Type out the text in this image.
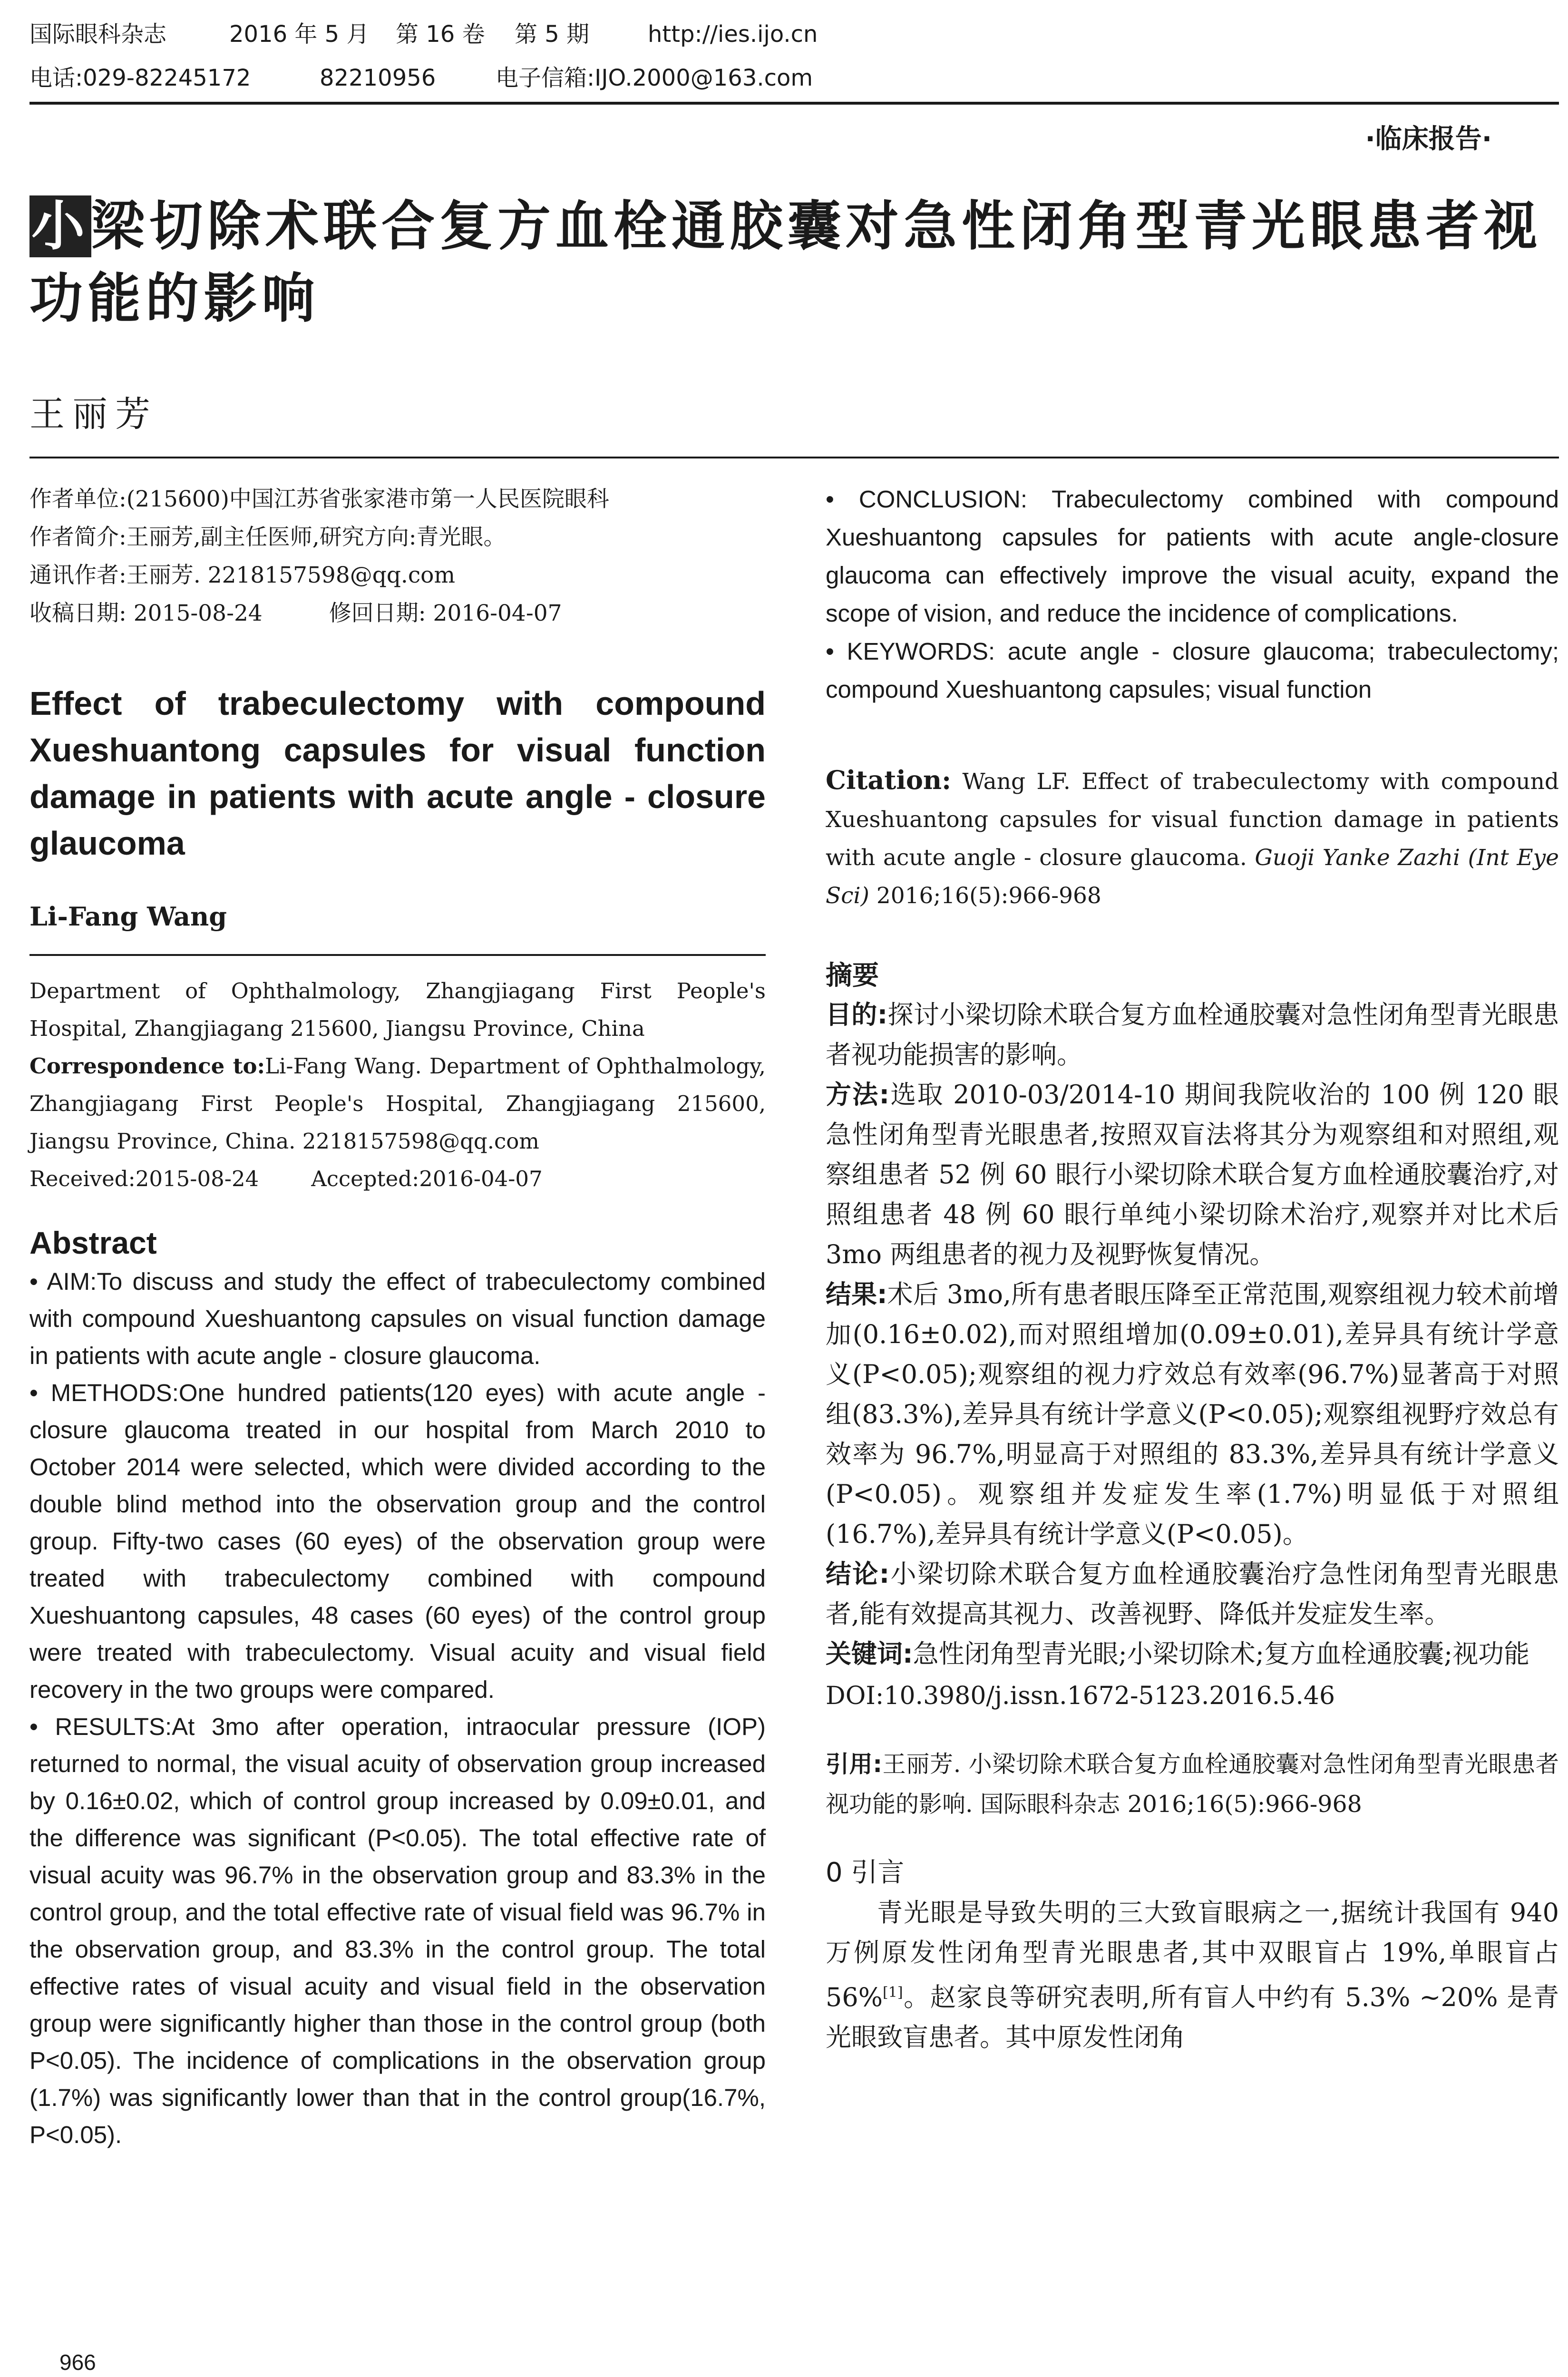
国际眼科杂志	2016 年 5 月 第 16 卷 第 5 期	http://ies.ijo.cn
电话:029-82245172	82210956	电子信箱:IJO.2000@163.com
·临床报告·
小梁切除术联合复方血栓通胶囊对急性闭角型青光眼患者视功能的影响
王丽芳
作者单位:(215600)中国江苏省张家港市第一人民医院眼科
作者简介:王丽芳,副主任医师,研究方向:青光眼。
通讯作者:王丽芳. 2218157598@qq.com
收稿日期: 2015-08-24	修回日期: 2016-04-07
Effect of trabeculectomy with compound Xueshuantong capsules for visual function damage in patients with acute angle - closure glaucoma
Li-Fang Wang
Department of Ophthalmology, Zhangjiagang First People's Hospital, Zhangjiagang 215600, Jiangsu Province, China
Correspondence to:Li-Fang Wang. Department of Ophthalmology, Zhangjiagang First People's Hospital, Zhangjiagang 215600, Jiangsu Province, China. 2218157598@qq.com
Received:2015-08-24 Accepted:2016-04-07
Abstract

• AIM:To discuss and study the effect of trabeculectomy combined with compound Xueshuantong capsules on visual function damage in patients with acute angle - closure glaucoma.

• METHODS:One hundred patients(120 eyes) with acute angle - closure glaucoma treated in our hospital from March 2010 to October 2014 were selected, which were divided according to the double blind method into the observation group and the control group. Fifty-two cases (60 eyes) of the observation group were treated with trabeculectomy combined with compound Xueshuantong capsules, 48 cases (60 eyes) of the control group were treated with trabeculectomy. Visual acuity and visual field recovery in the two groups were compared.

• RESULTS:At 3mo after operation, intraocular pressure (IOP) returned to normal, the visual acuity of observation group increased by 0.16±0.02, which of control group increased by 0.09±0.01, and the difference was significant (P<0.05). The total effective rate of visual acuity was 96.7% in the observation group and 83.3% in the control group, and the total effective rate of visual field was 96.7% in the observation group, and 83.3% in the control group. The total effective rates of visual acuity and visual field in the observation group were significantly higher than those in the control group (both P<0.05). The incidence of complications in the observation group (1.7%) was significantly lower than that in the control group(16.7%, P<0.05).

966

• CONCLUSION: Trabeculectomy combined with compound Xueshuantong capsules for patients with acute angle-closure glaucoma can effectively improve the visual acuity, expand the scope of vision, and reduce the incidence of complications.

• KEYWORDS: acute angle - closure glaucoma; trabeculectomy; compound Xueshuantong capsules; visual function

Citation: Wang LF. Effect of trabeculectomy with compound Xueshuantong capsules for visual function damage in patients with acute angle - closure glaucoma. Guoji Yanke Zazhi (Int Eye Sci) 2016;16(5):966-968
摘要

目的:探讨小梁切除术联合复方血栓通胶囊对急性闭角型青光眼患者视功能损害的影响。

方法:选取 2010-03/2014-10 期间我院收治的 100 例 120 眼急性闭角型青光眼患者,按照双盲法将其分为观察组和对照组,观察组患者 52 例 60 眼行小梁切除术联合复方血栓通胶囊治疗,对照组患者 48 例 60 眼行单纯小梁切除术治疗,观察并对比术后 3mo 两组患者的视力及视野恢复情况。

结果:术后 3mo,所有患者眼压降至正常范围,观察组视力较术前增加(0.16±0.02),而对照组增加(0.09±0.01),差异具有统计学意义(P<0.05);观察组的视力疗效总有效率(96.7%)显著高于对照组(83.3%),差异具有统计学意义(P<0.05);观察组视野疗效总有效率为 96.7%,明显高于对照组的 83.3%,差异具有统计学意义(P<0.05)。观察组并发症发生率(1.7%)明显低于对照组(16.7%),差异具有统计学意义(P<0.05)。

结论:小梁切除术联合复方血栓通胶囊治疗急性闭角型青光眼患者,能有效提高其视力、改善视野、降低并发症发生率。

关键词:急性闭角型青光眼;小梁切除术;复方血栓通胶囊;视功能

DOI:10.3980/j.issn.1672-5123.2016.5.46
引用:王丽芳. 小梁切除术联合复方血栓通胶囊对急性闭角型青光眼患者视功能的影响. 国际眼科杂志 2016;16(5):966-968
0 引言

青光眼是导致失明的三大致盲眼病之一,据统计我国有 940 万例原发性闭角型青光眼患者,其中双眼盲占 19%,单眼盲占 56%[1]。赵家良等研究表明,所有盲人中约有 5.3% ~20% 是青光眼致盲患者。其中原发性闭角
